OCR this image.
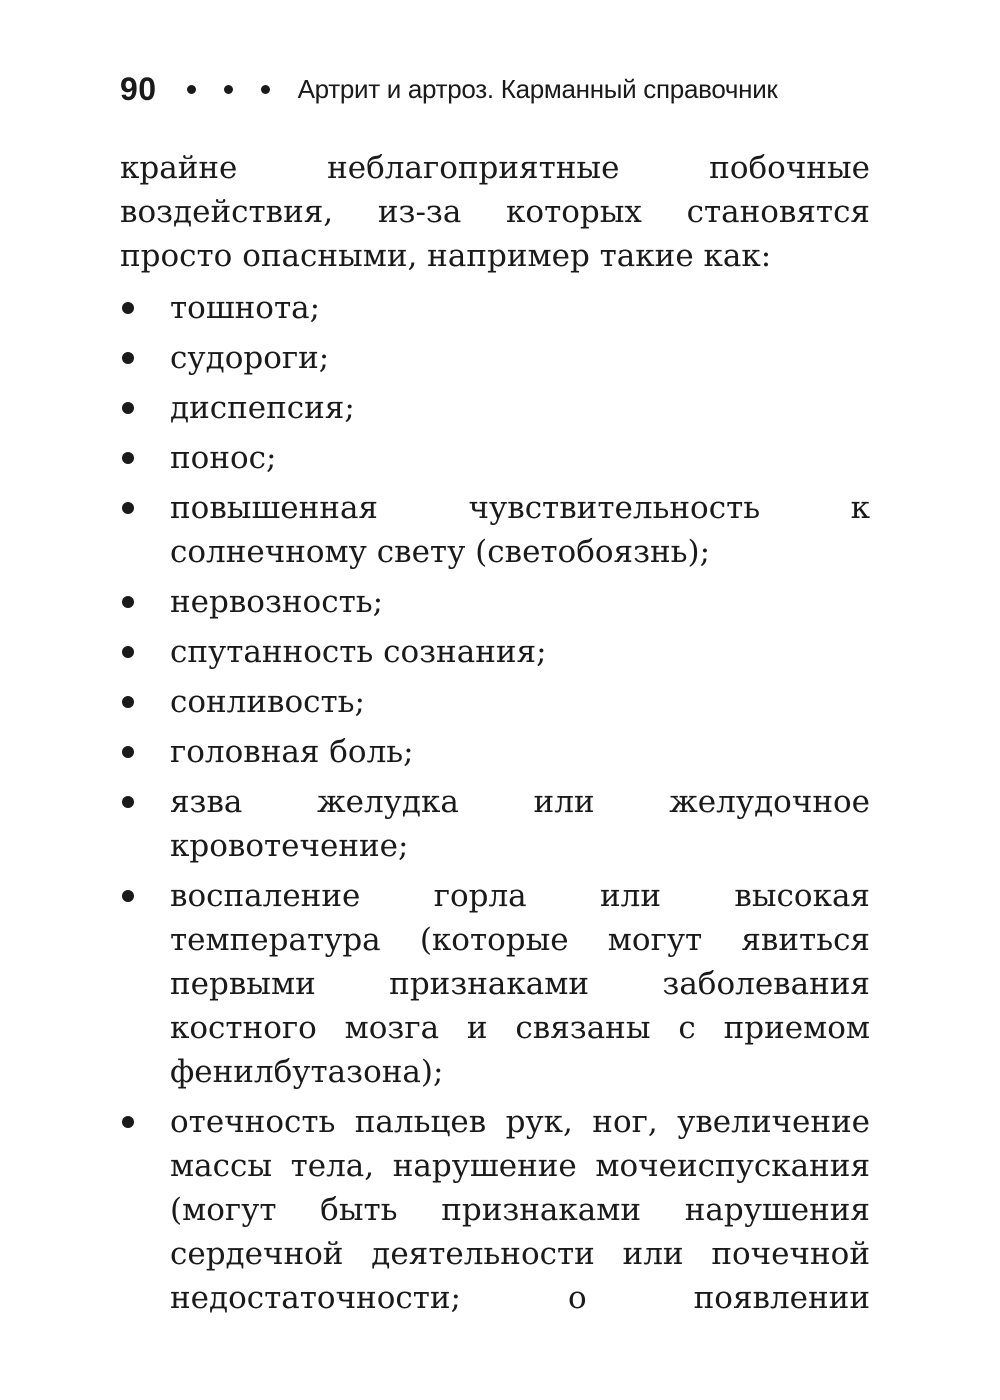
90	Артрит и артроз. Карманный справочник

крайне неблагоприятные побочные воздействия, из-за которых становятся просто опасными, например такие как:

тошнота;
судороги;
диспепсия;
понос;
повышенная чувствительность к солнечному свету (светобоязнь);
нервозность;
спутанность сознания;
сонливость;
головная боль;
язва желудка или желудочное кровотечение;
воспаление горла или высокая температура (которые могут явиться первыми признаками заболевания костного мозга и связаны с приемом фенилбутазона);
отечность пальцев рук, ног, увеличение массы тела, нарушение мочеиспускания (могут быть признаками нарушения сердечной деятельности или почечной недостаточности; о появлении
